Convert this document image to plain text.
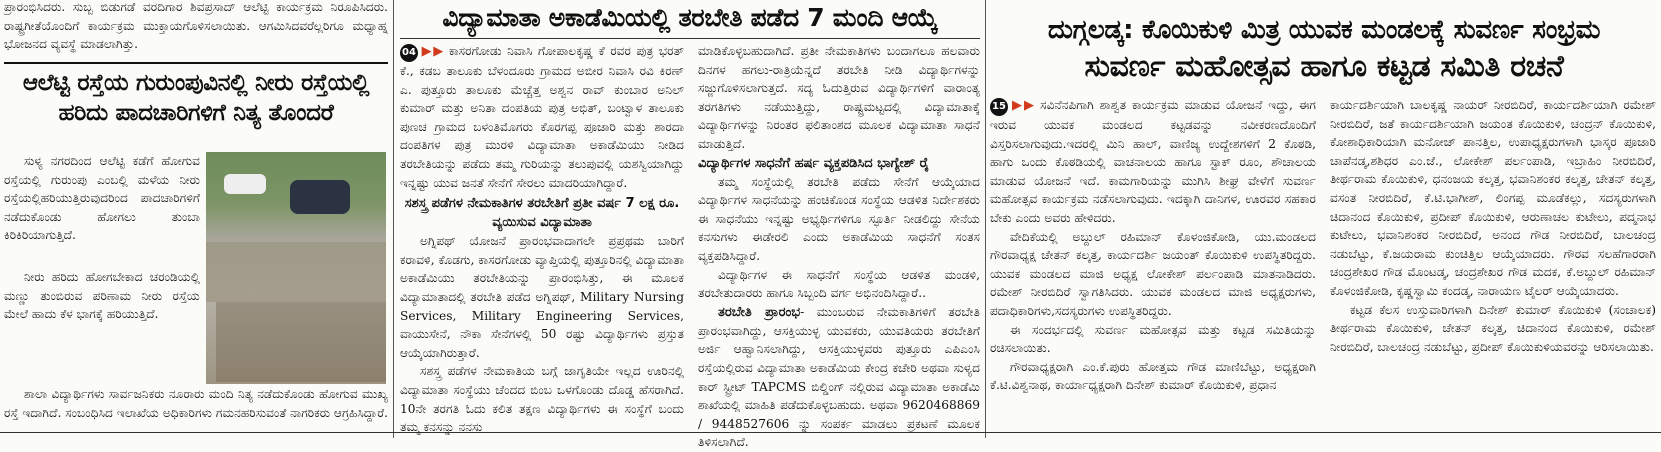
ಪ್ರಾರಂಭಿಸಿದರು. ಸುಬ್ಬ ಬಿಡುಗಡೆ ವರದಿಗಾರ ಶಿವಪ್ರಸಾದ್ ಆಲೆಟ್ಟಿ ಕಾರ್ಯಕ್ರಮ ನಿರೂಪಿಸಿದರು. ರಾಷ್ಟ್ರಗೀತೆಯೊಂದಿಗೆ ಕಾರ್ಯಕ್ರಮ ಮುಕ್ತಾಯಗೊಳಿಸಲಾಯಿತು. ಆಗಮಿಸಿದವರೆಲ್ಲರಿಗೂ ಮಧ್ಯಾಹ್ನ ಭೋಜನದ ವ್ಯವಸ್ಥೆ ಮಾಡಲಾಗಿತ್ತು.

ಆಲೆಟ್ಟಿ ರಸ್ತೆಯ ಗುರುಂಪುವಿನಲ್ಲಿ ನೀರು ರಸ್ತೆಯಲ್ಲಿ
ಹರಿದು ಪಾದಚಾರಿಗಳಿಗೆ ನಿತ್ಯ ತೊಂದರೆ

ಸುಳ್ಯ ನಗರದಿಂದ ಆಲೆಟ್ಟಿ ಕಡೆಗೆ ಹೋಗುವ ರಸ್ತೆಯಲ್ಲಿ ಗುರುಂಪು ಎಂಬಲ್ಲಿ ಮಳೆಯ ನೀರು ರಸ್ತೆಯಲ್ಲಿಹರಿಯುತ್ತಿರುವುದರಿಂದ ಪಾದಚಾರಿಗಳಿಗೆ ನಡೆದುಕೊಂಡು ಹೋಗಲು ತುಂಬಾ ಕಿರಿಕಿರಿಯಾಗುತ್ತಿದೆ.

ನೀರು ಹರಿದು ಹೋಗಬೇಕಾದ ಚರಂಡಿಯಲ್ಲಿ ಮಣ್ಣು ತುಂಬಿರುವ ಪರಿಣಾಮ ನೀರು ರಸ್ತೆಯ ಮೇಲೆ ಹಾದು ಕೆಳ ಭಾಗಕ್ಕೆ ಹರಿಯುತ್ತಿದೆ.

ಶಾಲಾ ವಿದ್ಯಾರ್ಥಿಗಳು ಸಾರ್ವಜನಿಕರು ನೂರಾರು ಮಂದಿ ನಿತ್ಯ ನಡೆದುಕೊಂಡು ಹೋಗುವ ಮುಖ್ಯ ರಸ್ತೆ ಇದಾಗಿದೆ. ಸಂಬಂಧಿಸಿದ ಇಲಾಖೆಯ ಅಧಿಕಾರಿಗಳು ಗಮನಹರಿಸುವಂತೆ ನಾಗರಿಕರು ಆಗ್ರಹಿಸಿದ್ದಾರೆ.

ವಿದ್ಯಾಮಾತಾ ಅಕಾಡೆಮಿಯಲ್ಲಿ ತರಬೇತಿ ಪಡೆದ 7 ಮಂದಿ ಆಯ್ಕೆ

04 ▶▶ ಕಾಸರಗೋಡು ನಿವಾಸಿ ಗೋಪಾಲಕೃಷ್ಣ ಕೆ ರವರ ಪುತ್ರ ಭರತ್ ಕೆ., ಕಡಬ ತಾಲೂಕು ಬೆಳಂದೂರು ಗ್ರಾಮದ ಅಬೀರ ನಿವಾಸಿ ರವಿ ಕಿರಣ್ ಎ. ಪುತ್ತೂರು ತಾಲೂಕು ಮೆಚ್ಚೆತ್ತ ಅಶ್ವನ ರಾವ್ ಕುಂಬಾರ ಅನಿಲ್ ಕುಮಾರ್ ಮತ್ತು ಅನಿತಾ ದಂಪತಿಯ ಪುತ್ರ ಅಭಿತ್, ಬಂಟ್ವಾಳ ತಾಲೂಕು ಪುಣಚ ಗ್ರಾಮದ ಬಳಂತಿಮೊಗರು ಕೊರಗಪ್ಪ ಪೂಜಾರಿ ಮತ್ತು ಶಾರದಾ ದಂಪತಿಗಳ ಪುತ್ರ ಮುರಳಿ ವಿದ್ಯಾಮಾತಾ ಅಕಾಡೆಮಿಯು ನೀಡಿದ ತರಬೇತಿಯನ್ನು ಪಡೆದು ತಮ್ಮ ಗುರಿಯನ್ನು ತಲುಪುವಲ್ಲಿ ಯಶಸ್ವಿಯಾಗಿದ್ದು ಇನ್ನಷ್ಟು ಯುವ ಜನತೆ ಸೇನೆಗೆ ಸೇರಲು ಮಾದರಿಯಾಗಿದ್ದಾರೆ.

ಸಶಸ್ತ್ರ ಪಡೆಗಳ ನೇಮಕಾತಿಗಳ ತರಬೇತಿಗೆ ಪ್ರತೀ ವರ್ಷ 7 ಲಕ್ಷ ರೂ. ವ್ಯಯಿಸುವ ವಿದ್ಯಾಮಾತಾ

ಅಗ್ನಿಪಥ್ ಯೋಜನೆ ಪ್ರಾರಂಭವಾದಾಗಲೇ ಪ್ರಪ್ರಥಮ ಬಾರಿಗೆ ಕರಾವಳಿ, ಕೊಡಗು, ಕಾಸರಗೋಡು ವ್ಯಾಪ್ತಿಯಲ್ಲಿ ಪುತ್ತೂರಿನಲ್ಲಿ ವಿದ್ಯಾಮಾತಾ ಅಕಾಡೆಮಿಯು ತರಬೇತಿಯನ್ನು ಪ್ರಾರಂಭಿಸಿತ್ತು, ಈ ಮೂಲಕ ವಿದ್ಯಾಮಾತಾದಲ್ಲಿ ತರಬೇತಿ ಪಡೆದ ಅಗ್ನಿಪಥ್, Military Nursing Services, Military Engineering Services, ವಾಯುಸೇನೆ, ನೌಕಾ ಸೇನೆಗಳಲ್ಲಿ 50 ರಷ್ಟು ವಿದ್ಯಾರ್ಥಿಗಳು ಪ್ರಸ್ತುತ ಆಯ್ಕೆಯಾಗಿರುತ್ತಾರೆ.

ಸಶಸ್ತ್ರ ಪಡೆಗಳ ನೇಮಕಾತಿಯ ಬಗ್ಗೆ ಜಾಗೃತಿಯೇ ಇಲ್ಲದ ಊರಿನಲ್ಲಿ ವಿದ್ಯಾಮಾತಾ ಸಂಸ್ಥೆಯು ಚೆಂದದ ಬಿಂಬ ಒಳಗೊಂಡು ದೊಡ್ಡ ಹೆಸರಾಗಿದೆ. 10ನೇ ತರಗತಿ ಓದು ಕಲಿತ ತಕ್ಷಣ ವಿದ್ಯಾರ್ಥಿಗಳು ಈ ಸಂಸ್ಥೆಗೆ ಬಂದು ತಮ್ಮ ಕನಸನ್ನು ನನಸು

ಮಾಡಿಕೊಳ್ಳಬಹುದಾಗಿದೆ. ಪ್ರತೀ ನೇಮಕಾತಿಗಳು ಬಂದಾಗಲೂ ಹಲವಾರು ದಿನಗಳ ಹಗಲು-ರಾತ್ರಿಯೆನ್ನದೆ ತರಬೇತಿ ನೀಡಿ ವಿದ್ಯಾರ್ಥಿಗಳನ್ನು ಸಜ್ಜುಗೊಳಿಸಲಾಗುತ್ತದೆ. ಸದ್ಯ ಓದುತ್ತಿರುವ ವಿದ್ಯಾರ್ಥಿಗಳಿಗೆ ವಾರಾಂತ್ಯ ತರಗತಿಗಳು ನಡೆಯುತ್ತಿದ್ದು, ರಾಷ್ಟ್ರಮಟ್ಟದಲ್ಲಿ ವಿದ್ಯಾಮಾತಾಕ್ಕೆ ವಿದ್ಯಾರ್ಥಿಗಳನ್ನು ನಿರಂತರ ಫಲಿತಾಂಶದ ಮೂಲಕ ವಿದ್ಯಾಮಾತಾ ಸಾಧನೆ ಮಾಡುತ್ತಿದೆ.

ವಿದ್ಯಾರ್ಥಿಗಳ ಸಾಧನೆಗೆ ಹರ್ಷ ವ್ಯಕ್ತಪಡಿಸಿದ ಭಾಗ್ಯೇಶ್ ರೈ

ತಮ್ಮ ಸಂಸ್ಥೆಯಲ್ಲಿ ತರಬೇತಿ ಪಡೆದು ಸೇನೆಗೆ ಆಯ್ಕೆಯಾದ ವಿದ್ಯಾರ್ಥಿಗಳ ಸಾಧನೆಯನ್ನು ಹಂಚಿಕೊಂಡ ಸಂಸ್ಥೆಯ ಆಡಳಿತ ನಿರ್ದೇಶಕರು ಈ ಸಾಧನೆಯು ಇನ್ನಷ್ಟು ಅಭ್ಯರ್ಥಿಗಳಿಗೂ ಸ್ಫೂರ್ತಿ ನೀಡಲಿದ್ದು ಸೇನೆಯ ಕನಸುಗಳು ಈಡೇರಲಿ ಎಂದು ಅಕಾಡೆಮಿಯ ಸಾಧನೆಗೆ ಸಂತಸ ವ್ಯಕ್ತಪಡಿಸಿದ್ದಾರೆ.

ವಿದ್ಯಾರ್ಥಿಗಳ ಈ ಸಾಧನೆಗೆ ಸಂಸ್ಥೆಯ ಆಡಳಿತ ಮಂಡಳಿ, ತರಬೇತುದಾರರು ಹಾಗೂ ಸಿಬ್ಬಂದಿ ವರ್ಗ ಅಭಿನಂದಿಸಿದ್ದಾರೆ..

ತರಬೇತಿ ಪ್ರಾರಂಭ- ಮುಂಬರುವ ನೇಮಕಾತಿಗಳಿಗೆ ತರಬೇತಿ ಪ್ರಾರಂಭವಾಗಿದ್ದು, ಆಸಕ್ತಿಯುಳ್ಳ ಯುವಕರು, ಯುವತಿಯರು ತರಬೇತಿಗೆ ಅರ್ಜಿ ಆಹ್ವಾನಿಸಲಾಗಿದ್ದು, ಆಸಕ್ತಿಯುಳ್ಳವರು ಪುತ್ತೂರು ಎಪಿಎಂಸಿ ರಸ್ತೆಯಲ್ಲಿರುವ ವಿದ್ಯಾಮಾತಾ ಅಕಾಡೆಮಿಯ ಕೇಂದ್ರ ಕಚೇರಿ ಅಥವಾ ಸುಳ್ಯದ ಕಾರ್ ಸ್ಟ್ರೀಟ್ TAPCMS ಬಿಲ್ಡಿಂಗ್ ನಲ್ಲಿರುವ ವಿದ್ಯಾಮಾತಾ ಅಕಾಡೆಮಿ ಶಾಖೆಯಲ್ಲಿ ಮಾಹಿತಿ ಪಡೆದುಕೊಳ್ಳಬಹುದು. ಅಥವಾ 9620468869 / 9448527606 ನ್ನು ಸಂಪರ್ಕ ಮಾಡಲು ಪ್ರಕಟಣೆ ಮೂಲಕ ತಿಳಿಸಲಾಗಿದೆ.

ದುಗ್ಗಲಡ್ಕ: ಕೊಯಿಕುಳಿ ಮಿತ್ರ ಯುವಕ ಮಂಡಲಕ್ಕೆ ಸುವರ್ಣ ಸಂಭ್ರಮ
ಸುವರ್ಣ ಮಹೋತ್ಸವ ಹಾಗೂ ಕಟ್ಟಡ ಸಮಿತಿ ರಚನೆ

15 ▶▶ ಸವಿನೆನಪಿಗಾಗಿ ಶಾಶ್ವತ ಕಾರ್ಯಕ್ರಮ ಮಾಡುವ ಯೋಜನೆ ಇದ್ದು, ಈಗ ಇರುವ ಯುವಕ ಮಂಡಲದ ಕಟ್ಟಡವನ್ನು ನವೀಕರಣದೊಂದಿಗೆ ವಿಸ್ತರಿಸಲಾಗುವುದು.ಇದರಲ್ಲಿ ಮಿನಿ ಹಾಲ್, ವಾಣಿಜ್ಯ ಉದ್ದೇಶಗಳಿಗೆ 2 ಕೊಠಡಿ, ಹಾಗು ಒಂದು ಕೊಠಡಿಯಲ್ಲಿ ವಾಚನಾಲಯ ಹಾಗೂ ಸ್ಟಾಕ್ ರೂಂ, ಶೌಚಾಲಯ ಮಾಡುವ ಯೋಜನೆ ಇದೆ. ಕಾಮಗಾರಿಯನ್ನು ಮುಗಿಸಿ ಶೀಘ್ರ ವೇಳೆಗೆ ಸುವರ್ಣ ಮಹೋತ್ಸವ ಕಾರ್ಯಕ್ರಮ ನಡೆಸಲಾಗುವುದು. ಇದಕ್ಕಾಗಿ ದಾನಿಗಳ, ಊರವರ ಸಹಕಾರ ಬೇಕು ಎಂದು ಅವರು ಹೇಳಿದರು.

ವೇದಿಕೆಯಲ್ಲಿ ಅಬ್ದುಲ್ ರಹಿಮಾನ್ ಕೊಳಂಜಿಕೋಡಿ, ಯು.ಮಂಡಲದ ಗೌರವಾಧ್ಯಕ್ಷ ಚೇತನ್ ಕಲ್ಕತ್ತ, ಕಾರ್ಯದರ್ಶಿ ಜಯಂತ್ ಕೊಯಿಕುಳಿ ಉಪಸ್ಥಿತರಿದ್ದರು. ಯುವಕ ಮಂಡಲದ ಮಾಜಿ ಅಧ್ಯಕ್ಷ ಲೋಕೇಶ್ ಪರ್ಲಂಪಾಡಿ ಮಾತನಾಡಿದರು. ರಮೇಶ್ ನೀರಬಿದಿರೆ ಸ್ವಾಗತಿಸಿದರು. ಯುವಕ ಮಂಡಲದ ಮಾಜಿ ಅಧ್ಯಕ್ಷರುಗಳು, ಪದಾಧಿಕಾರಿಗಳು,ಸದಸ್ಯರುಗಳು ಉಪಸ್ಥಿತರಿದ್ದರು.

ಈ ಸಂದರ್ಭದಲ್ಲಿ ಸುವರ್ಣ ಮಹೋತ್ಸವ ಮತ್ತು ಕಟ್ಟಡ ಸಮಿತಿಯನ್ನು ರಚಿಸಲಾಯಿತು.

ಗೌರವಾಧ್ಯಕ್ಷರಾಗಿ ಎಂ.ಕೆ.ಪುರು ಹೋತ್ತಮ ಗೌಡ ಮಾಣಿಬೆಟ್ಟು, ಅಧ್ಯಕ್ಷರಾಗಿ ಕೆ.ಟಿ.ವಿಶ್ವನಾಥ, ಕಾರ್ಯಾಧ್ಯಕ್ಷರಾಗಿ ದಿನೇಶ್ ಕುಮಾರ್ ಕೊಯಿಕುಳಿ, ಪ್ರಧಾನ

ಕಾರ್ಯದರ್ಶಿಯಾಗಿ ಬಾಲಕೃಷ್ಣ ನಾಯರ್ ನೀರಬಿದಿರೆ, ಕಾರ್ಯದರ್ಶಿಯಾಗಿ ರಮೇಶ್ ನೀರಬಿದಿರೆ, ಜತೆ ಕಾರ್ಯದರ್ಶಿಯಾಗಿ ಜಯಂತ ಕೊಯಿಕುಳಿ, ಚಂದ್ರನ್ ಕೊಯಿಕುಳಿ, ಕೋಶಾಧಿಕಾರಿಯಾಗಿ ಮನೋಜ್ ಪಾನತ್ತಿಲ, ಉಪಾಧ್ಯಕ್ಷರುಗಳಾಗಿ ಭಾಸ್ಕರ ಪೂಜಾರಿ ಚಾಪೆನಡ್ಕ,ಶಶಿಧರ ಎಂ.ಜೆ., ಲೋಕೇಶ್ ಪರ್ಲಂಪಾಡಿ, ಇಬ್ರಾಹಿಂ ನೀರಬಿದಿರೆ, ತೀರ್ಥರಾಮ ಕೊಯಿಕುಳಿ, ಧನಂಜಯ ಕಲ್ಕತ್ತ, ಭವಾನಿಶಂಕರ ಕಲ್ಕತ್ತ, ಚೇತನ್ ಕಲ್ಕತ್ತ, ವಸಂತ ನೀರಬಿದಿರೆ, ಕೆ.ಟಿ.ಭಾಗೀಶ್, ಲಿಂಗಪ್ಪ ಮೂಡೆಕಲ್ಲು, ಸದಸ್ಯರುಗಳಾಗಿ ಚಿದಾನಂದ ಕೊಯಿಕುಳಿ, ಪ್ರದೀಪ್ ಕೊಯಿಕುಳಿ, ಆರುಣಾಚಲ ಕುಟೇಲು, ಪದ್ಮನಾಭ ಕುಟೇಲು, ಭವಾನಿಶಂಕರ ನೀರಬಿದಿರೆ, ಅನಂದ ಗೌಡ ನೀರಬಿದಿರೆ, ಬಾಲಚಂದ್ರ ನಡುಬೆಟ್ಟು, ಕೆ.ಜಯರಾಮ ಕುಂಚಿತ್ತಿಲ ಆಯ್ಕೆಯಾದರು. ಗೌರವ ಸಲಹೆಗಾರರಾಗಿ ಚಂದ್ರಶೇಖರ ಗೌಡ ಮೊಂಟಡ್ಕ, ಚಂದ್ರಶೇಖರ ಗೌಡ ಮದಕ, ಕೆ.ಅಬ್ದುಲ್ ರಹಿಮಾನ್ ಕೊಳಂಜಿಕೋಡಿ, ಕೃಷ್ಣಸ್ವಾಮಿ ಕಂದಡ್ಕ, ನಾರಾಯಣ ಟೈಲರ್ ಆಯ್ಕೆಯಾದರು.

ಕಟ್ಟಡ ಕೆಲಸ ಉಸ್ತುವಾರಿಗಳಾಗಿ ದಿನೇಶ್ ಕುಮಾರ್ ಕೊಯಿಕುಳಿ (ಸಂಚಾಲಕ) ತೀರ್ಥರಾಮ ಕೊಯಿಕುಳಿ, ಚೇತನ್ ಕಲ್ಕತ್ತ, ಚಿದಾನಂದ ಕೊಯಿಕುಳಿ, ರಮೇಶ್ ನೀರಬಿದಿರೆ, ಬಾಲಚಂದ್ರ ನಡುಬೆಟ್ಟು, ಪ್ರದೀಪ್ ಕೊಯಿಕುಳಿಯವರನ್ನು ಆರಿಸಲಾಯಿತು.
